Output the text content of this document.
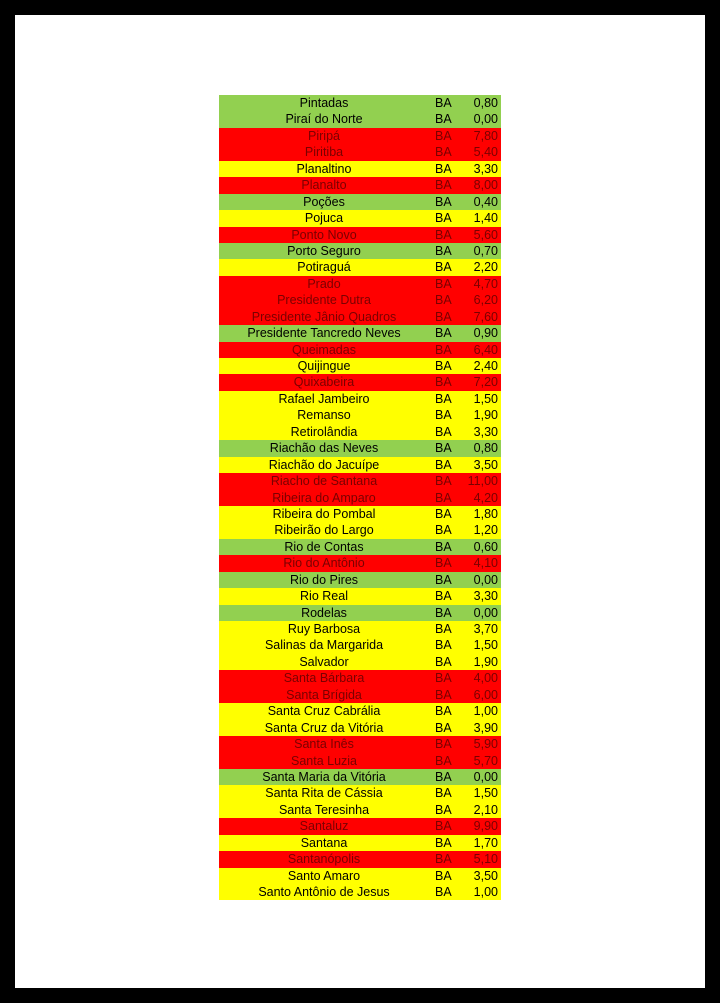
Pintadas	BA	0,80
Piraí do Norte	BA	0,00
Piripá	BA	7,80
Piritiba	BA	5,40
Planaltino	BA	3,30
Planalto	BA	8,00
Poções	BA	0,40
Pojuca	BA	1,40
Ponto Novo	BA	5,60
Porto Seguro	BA	0,70
Potiraguá	BA	2,20
Prado	BA	4,70
Presidente Dutra	BA	6,20
Presidente Jânio Quadros	BA	7,60
Presidente Tancredo Neves	BA	0,90
Queimadas	BA	6,40
Quijingue	BA	2,40
Quixabeira	BA	7,20
Rafael Jambeiro	BA	1,50
Remanso	BA	1,90
Retirolândia	BA	3,30
Riachão das Neves	BA	0,80
Riachão do Jacuípe	BA	3,50
Riacho de Santana	BA	11,00
Ribeira do Amparo	BA	4,20
Ribeira do Pombal	BA	1,80
Ribeirão do Largo	BA	1,20
Rio de Contas	BA	0,60
Rio do Antônio	BA	4,10
Rio do Pires	BA	0,00
Rio Real	BA	3,30
Rodelas	BA	0,00
Ruy Barbosa	BA	3,70
Salinas da Margarida	BA	1,50
Salvador	BA	1,90
Santa Bárbara	BA	4,00
Santa Brígida	BA	6,00
Santa Cruz Cabrália	BA	1,00
Santa Cruz da Vitória	BA	3,90
Santa Inês	BA	5,90
Santa Luzia	BA	5,70
Santa Maria da Vitória	BA	0,00
Santa Rita de Cássia	BA	1,50
Santa Teresinha	BA	2,10
Santaluz	BA	9,90
Santana	BA	1,70
Santanópolis	BA	5,10
Santo Amaro	BA	3,50
Santo Antônio de Jesus	BA	1,00
